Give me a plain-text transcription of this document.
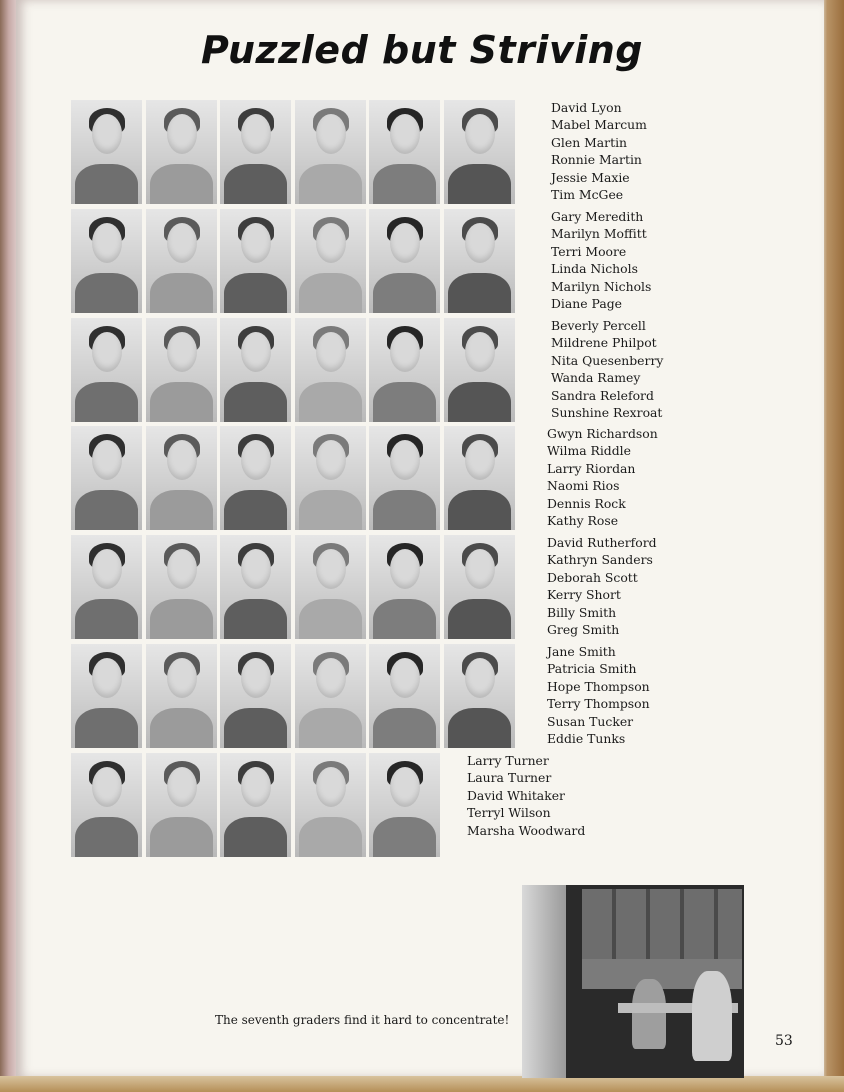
Puzzled but Striving
David Lyon
Mabel Marcum
Glen Martin
Ronnie Martin
Jessie Maxie
Tim McGee
Gary Meredith
Marilyn Moffitt
Terri Moore
Linda Nichols
Marilyn Nichols
Diane Page
Beverly Percell
Mildrene Philpot
Nita Quesenberry
Wanda Ramey
Sandra Releford
Sunshine Rexroat
Gwyn Richardson
Wilma Riddle
Larry Riordan
Naomi Rios
Dennis Rock
Kathy Rose
David Rutherford
Kathryn Sanders
Deborah Scott
Kerry Short
Billy Smith
Greg Smith
Jane Smith
Patricia Smith
Hope Thompson
Terry Thompson
Susan Tucker
Eddie Tunks
Larry Turner
Laura Turner
David Whitaker
Terryl Wilson
Marsha Woodward
The seventh graders find it hard to concentrate!
53
